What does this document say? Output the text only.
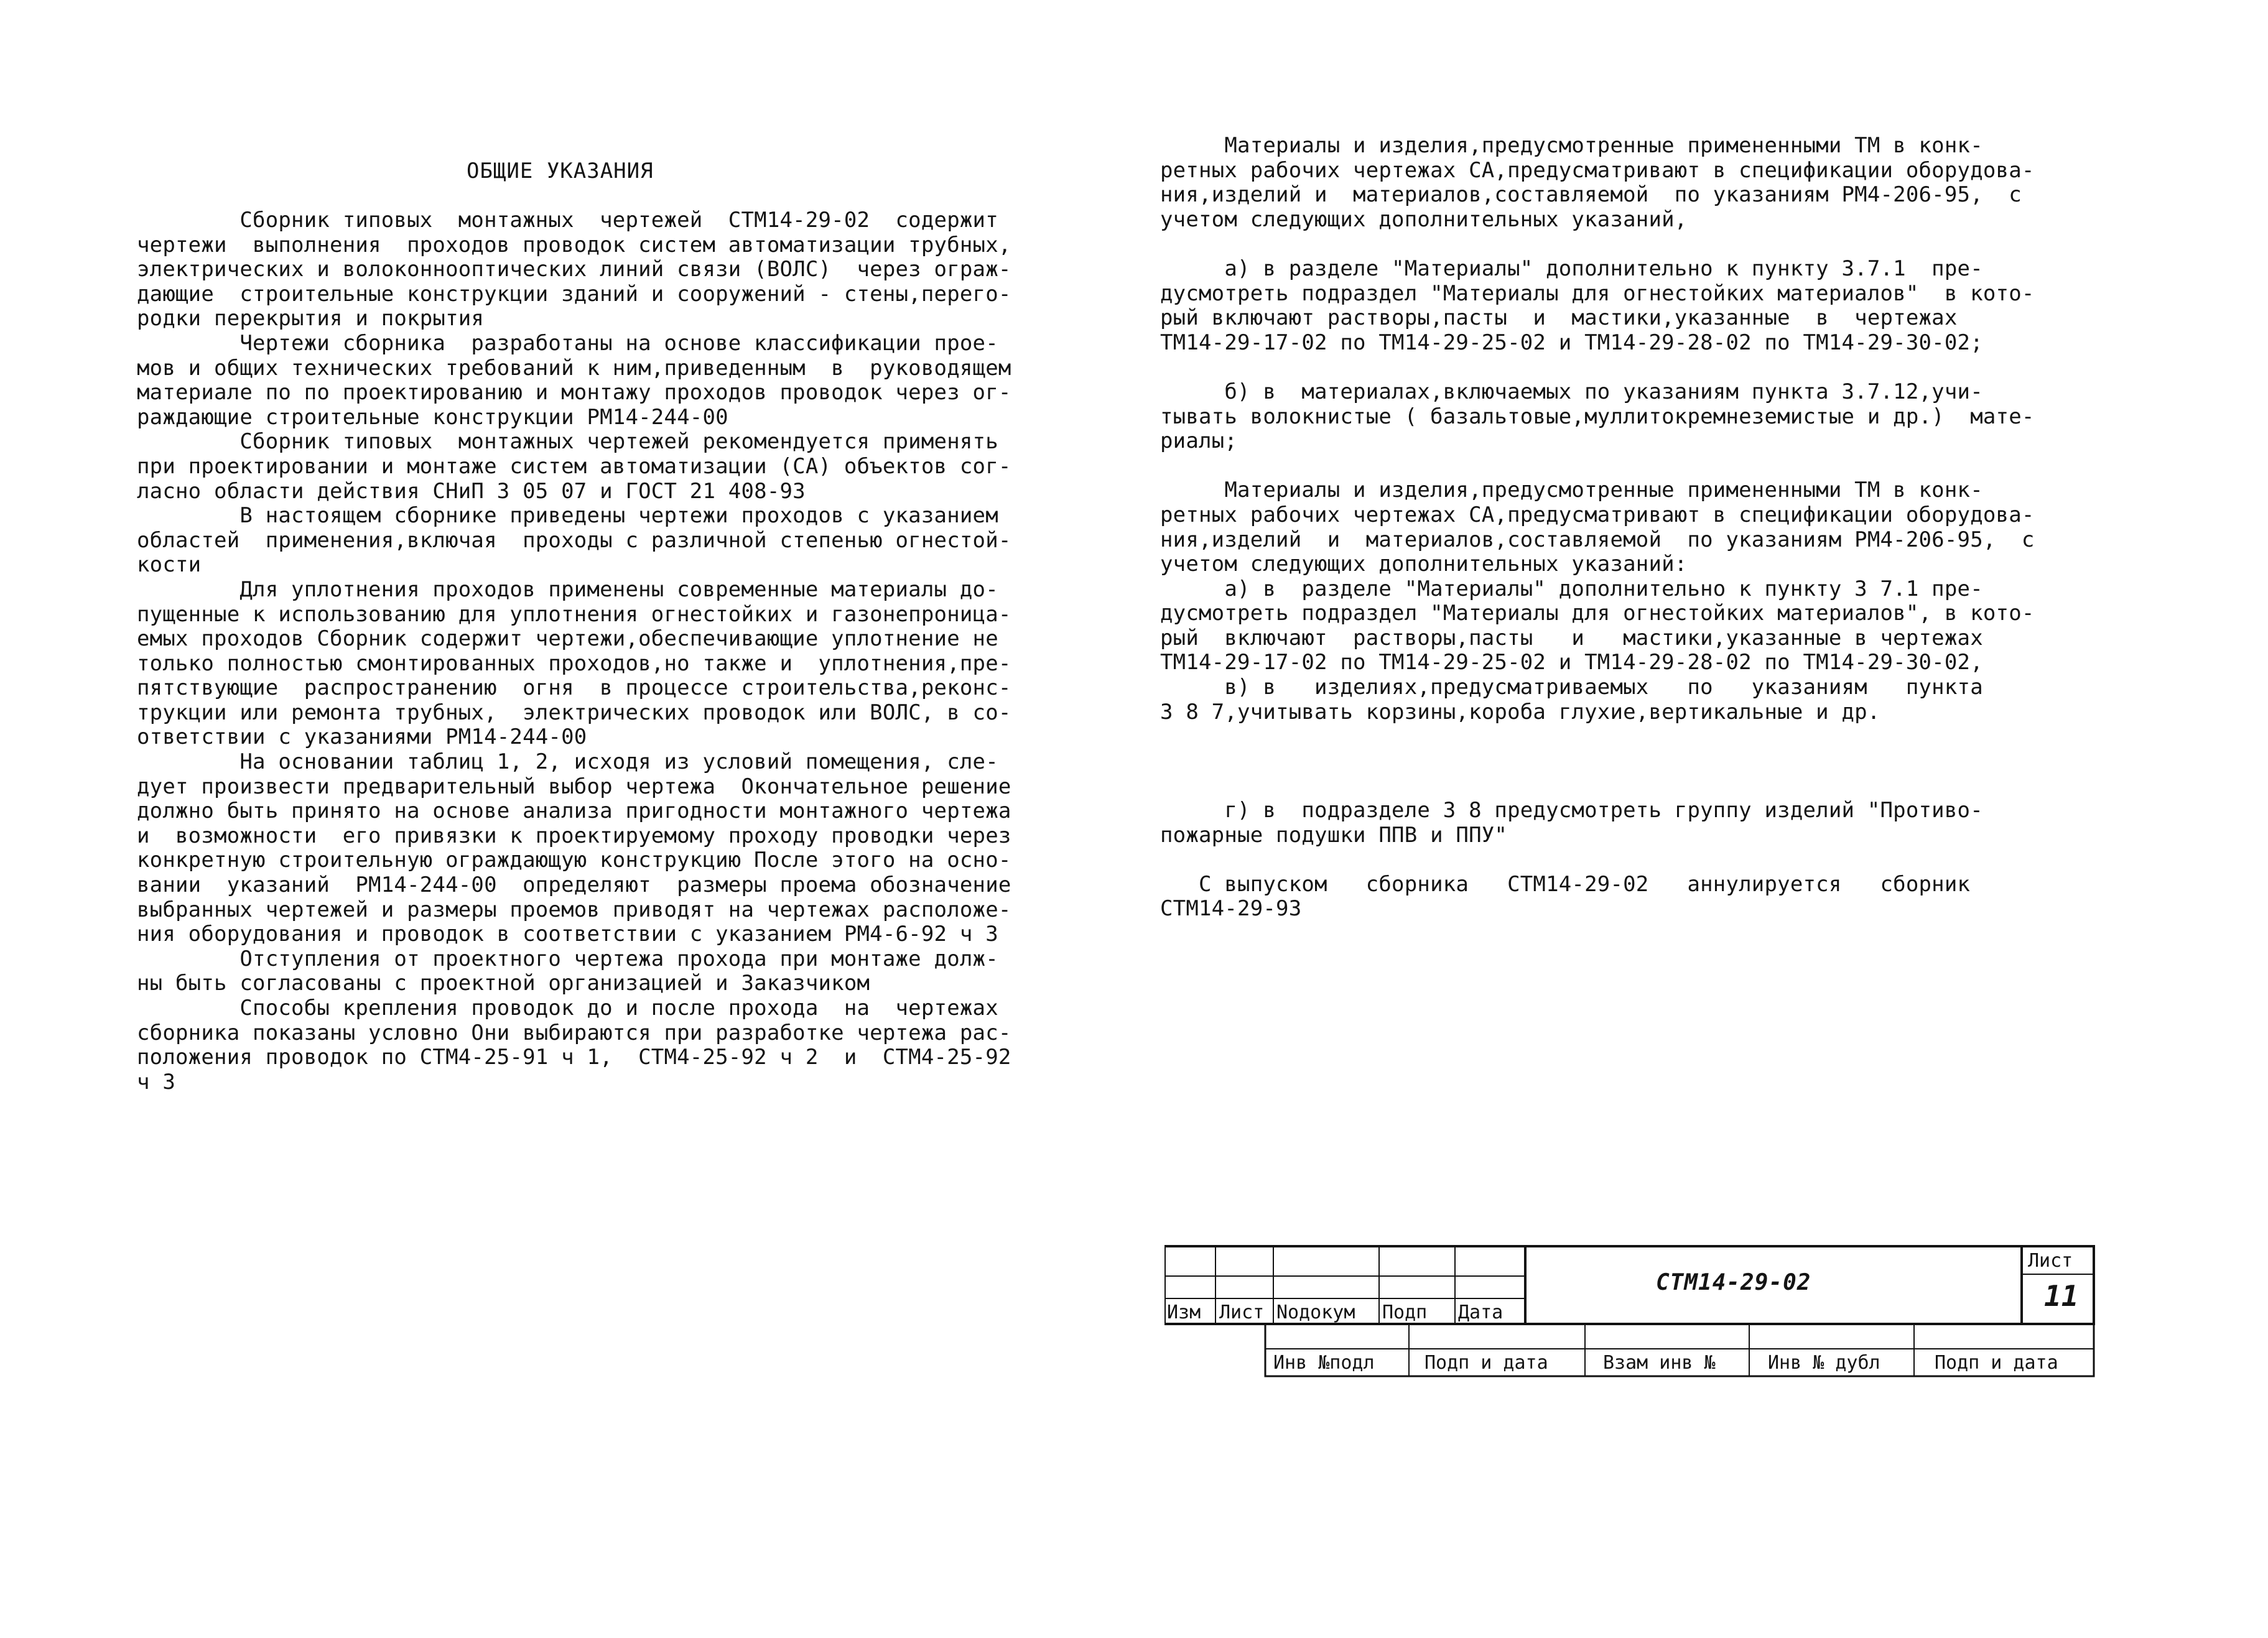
ОБЩИЕ УКАЗАНИЯ
Сборник типовых  монтажных  чертежей  СТМ14-29-02  содержит
чертежи  выполнения  проходов проводок систем автоматизации трубных,
электрических и волоконнооптических линий связи (ВОЛС)  через ограж-
дающие  строительные конструкции зданий и сооружений - стены,перего-
родки перекрытия и покрытия
Чертежи сборника  разработаны на основе классификации прое-
мов и общих технических требований к ним,приведенным  в  руководящем
материале по по проектированию и монтажу проходов проводок через ог-
раждающие строительные конструкции РМ14-244-00
Сборник типовых  монтажных чертежей рекомендуется применять
при проектировании и монтаже систем автоматизации (СА) объектов сог-
ласно области действия СНиП 3 05 07 и ГОСТ 21 408-93
В настоящем сборнике приведены чертежи проходов с указанием
областей  применения,включая  проходы с различной степенью огнестой-
кости
Для уплотнения проходов применены современные материалы до-
пущенные к использованию для уплотнения огнестойких и газонепроница-
емых проходов Сборник содержит чертежи,обеспечивающие уплотнение не
только полностью смонтированных проходов,но также и  уплотнения,пре-
пятствующие  распространению  огня  в процессе строительства,реконс-
трукции или ремонта трубных,  электрических проводок или ВОЛС, в со-
ответствии с указаниями РМ14-244-00
На основании таблиц 1, 2, исходя из условий помещения, сле-
дует произвести предварительный выбор чертежа  Окончательное решение
должно быть принято на основе анализа пригодности монтажного чертежа
и  возможности  его привязки к проектируемому проходу проводки через
конкретную строительную ограждающую конструкцию После этого на осно-
вании  указаний  РМ14-244-00  определяют  размеры проема обозначение
выбранных чертежей и размеры проемов приводят на чертежах расположе-
ния оборудования и проводок в соответствии с указанием РМ4-6-92 ч 3
Отступления от проектного чертежа прохода при монтаже долж-
ны быть согласованы с проектной организацией и Заказчиком
Способы крепления проводок до и после прохода  на  чертежах
сборника показаны условно Они выбираются при разработке чертежа рас-
положения проводок по СТМ4-25-91 ч 1,  СТМ4-25-92 ч 2  и  СТМ4-25-92
ч 3
Материалы и изделия,предусмотренные примененными ТМ в конк-
ретных рабочих чертежах СА,предусматривают в спецификации оборудова-
ния,изделий и  материалов,составляемой  по указаниям РМ4-206-95,  с
учетом следующих дополнительных указаний,
а) в разделе "Материалы" дополнительно к пункту 3.7.1  пре-
дусмотреть подраздел "Материалы для огнестойких материалов"  в кото-
рый включают растворы,пасты  и  мастики,указанные  в  чертежах
ТМ14-29-17-02 по ТМ14-29-25-02 и ТМ14-29-28-02 по ТМ14-29-30-02;
б) в  материалах,включаемых по указаниям пункта 3.7.12,учи-
тывать волокнистые ( базальтовые,муллитокремнеземистые и др.)  мате-
риалы;
Материалы и изделия,предусмотренные примененными ТМ в конк-
ретных рабочих чертежах СА,предусматривают в спецификации оборудова-
ния,изделий  и  материалов,составляемой  по указаниям РМ4-206-95,  с
учетом следующих дополнительных указаний:
а) в  разделе "Материалы" дополнительно к пункту 3 7.1 пре-
дусмотреть подраздел "Материалы для огнестойких материалов", в кото-
рый  включают  растворы,пасты   и   мастики,указанные в чертежах
ТМ14-29-17-02 по ТМ14-29-25-02 и ТМ14-29-28-02 по ТМ14-29-30-02,
в) в   изделиях,предусматриваемых   по   указаниям   пункта
3 8 7,учитывать корзины,короба глухие,вертикальные и др.
г) в  подразделе 3 8 предусмотреть группу изделий "Противо-
пожарные подушки ППВ и ППУ"
С выпуском   сборника   СТМ14-29-02   аннулируется   сборник
СТМ14-29-93
Изм Лист Nодокум Подп Дата
СТМ14-29-02
Лист
11
Инв №подл	Подп и дата	Взам инв №	Инв № дубл	Подп и дата
